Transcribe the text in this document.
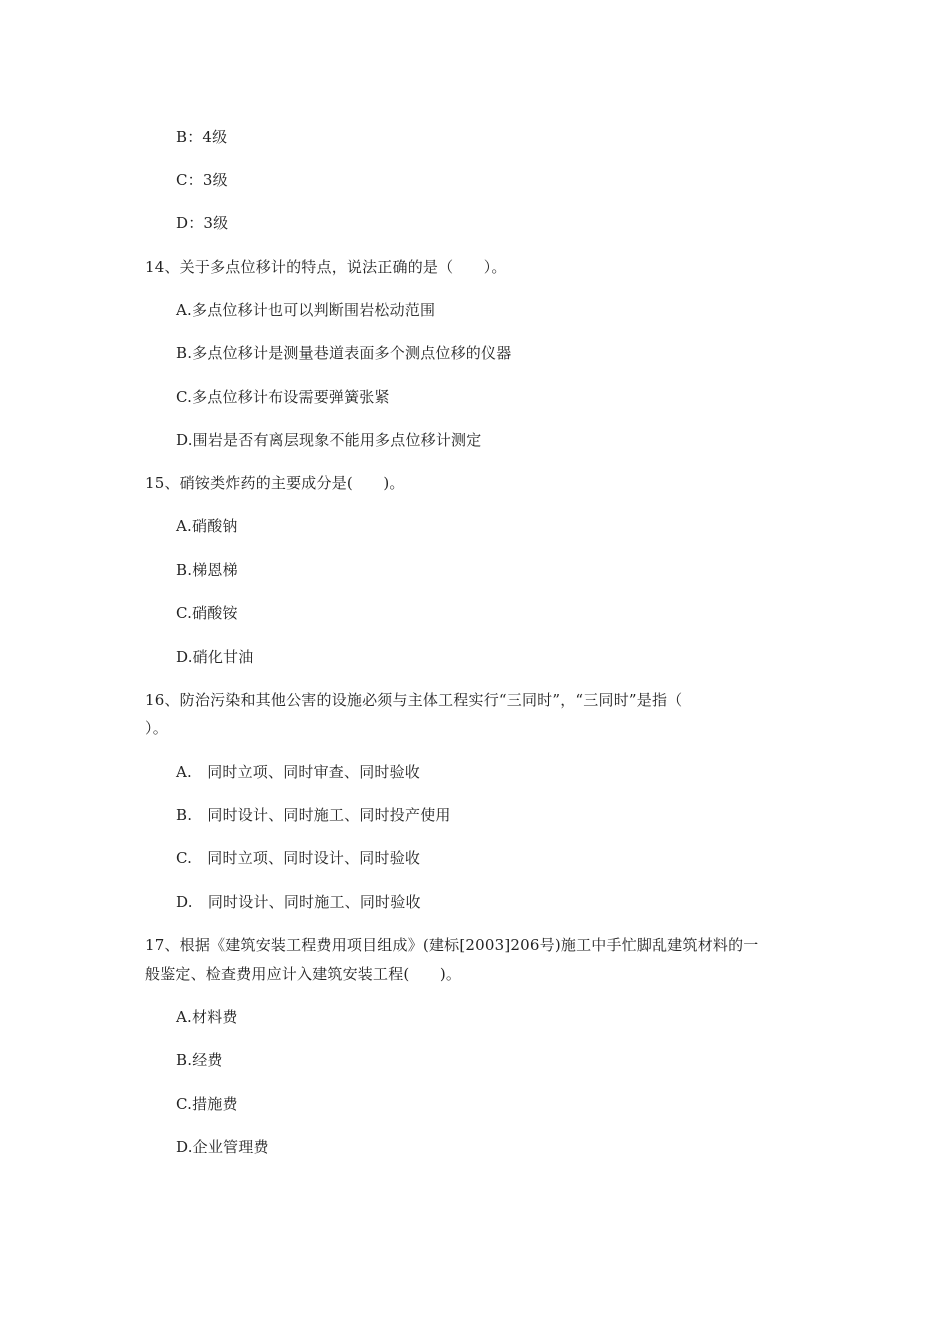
B：4级
C：3级
D：3级
14、关于多点位移计的特点，说法正确的是（　　）。
A.多点位移计也可以判断围岩松动范围
B.多点位移计是测量巷道表面多个测点位移的仪器
C.多点位移计布设需要弹簧张紧
D.围岩是否有离层现象不能用多点位移计测定
15、硝铵类炸药的主要成分是(　　)。
A.硝酸钠
B.梯恩梯
C.硝酸铵
D.硝化甘油
16、防治污染和其他公害的设施必须与主体工程实行“三同时”，“三同时”是指（
）。
A.　同时立项、同时审查、同时验收
B.　同时设计、同时施工、同时投产使用
C.　同时立项、同时设计、同时验收
D.　同时设计、同时施工、同时验收
17、根据《建筑安装工程费用项目组成》(建标[2003]206号)施工中手忙脚乱建筑材料的一
般鉴定、检查费用应计入建筑安装工程(　　)。
A.材料费
B.经费
C.措施费
D.企业管理费
